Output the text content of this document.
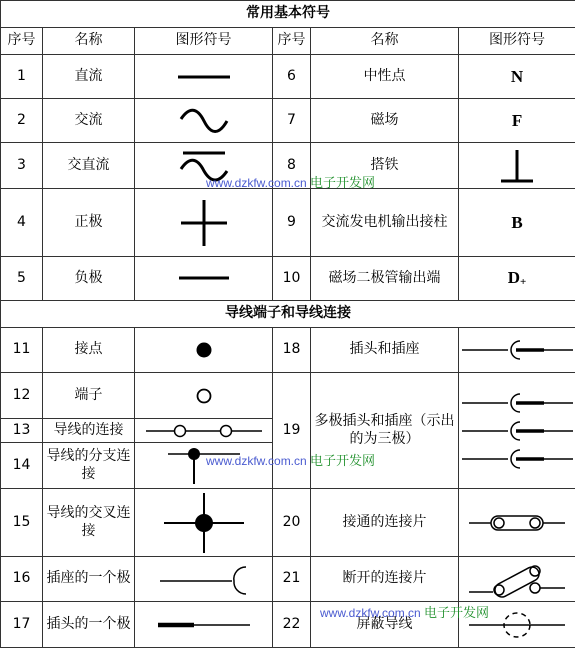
常用基本符号					
序号	名称	图形符号	序号	名称	图形符号
1	直流		6	中性点	N
2	交流		7	磁场	F
3	交直流		8	搭铁	

4	正极		9	交流发电机输出接柱	B
5	负极		10	磁场二极管输出端	D+
导线端子和导线连接					
11	接点		18	插头和插座	

12	端子		19	多极插头和插座（示出的为三极）	

13	导线的连接	

14	导线的分支连接	

15	导线的交叉连接		20	接通的连接片	

16	插座的一个极		21	断开的连接片	

17	插头的一个极		22	屏蔽导线	
www.dzkfw.com.cn 电子开发网
www.dzkfw.com.cn 电子开发网
www.dzkfw.com.cn 电子开发网
